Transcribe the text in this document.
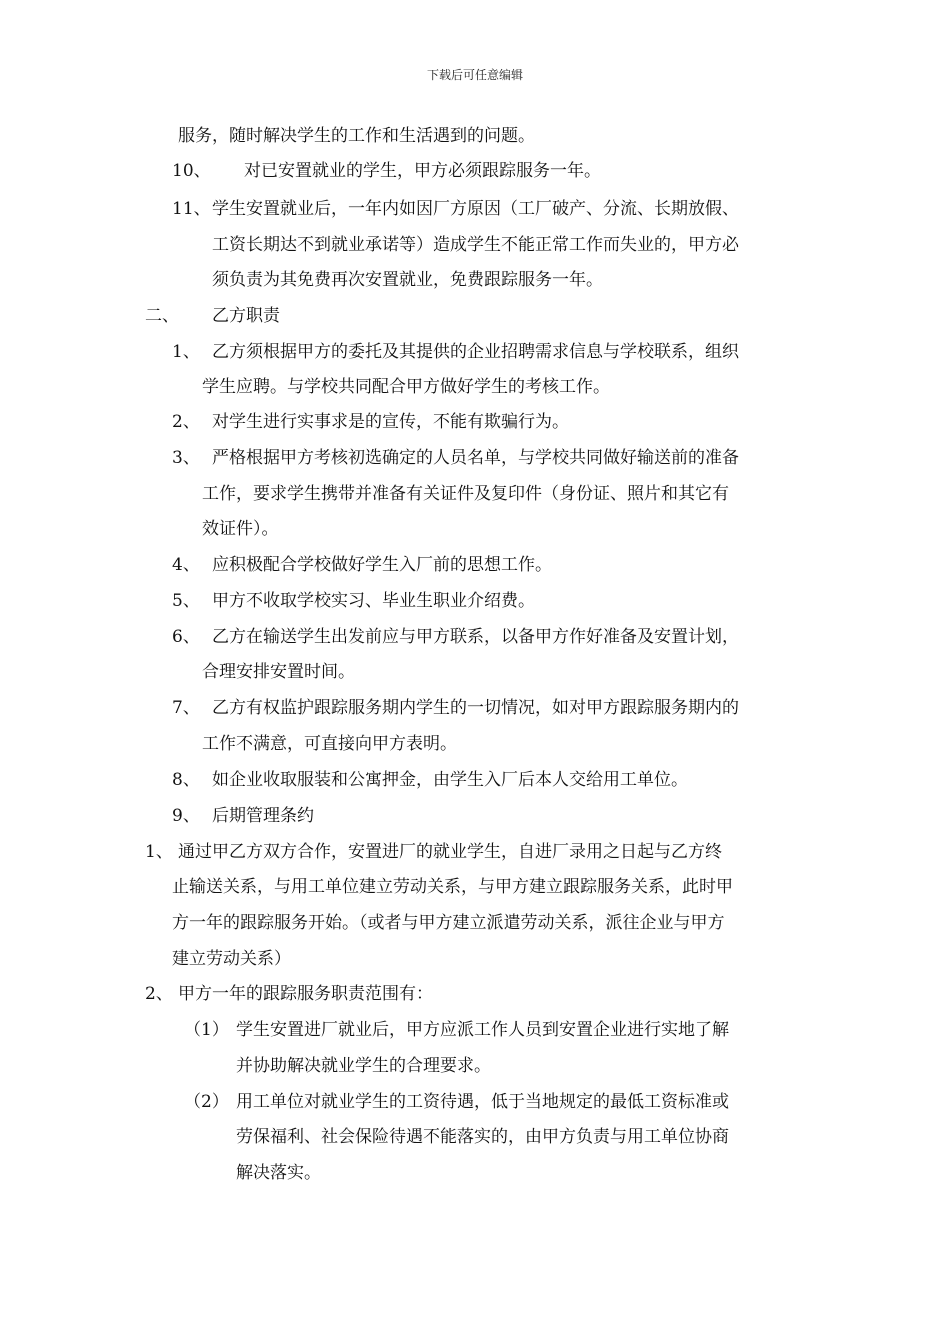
下载后可任意编辑
服务，随时解决学生的工作和生活遇到的问题。
10、 对已安置就业的学生，甲方必须跟踪服务一年。
11、 学生安置就业后，一年内如因厂方原因（工厂破产、分流、长期放假、
工资长期达不到就业承诺等）造成学生不能正常工作而失业的，甲方必
须负责为其免费再次安置就业，免费跟踪服务一年。
二、 乙方职责
1、 乙方须根据甲方的委托及其提供的企业招聘需求信息与学校联系，组织
学生应聘。与学校共同配合甲方做好学生的考核工作。
2、 对学生进行实事求是的宣传，不能有欺骗行为。
3、 严格根据甲方考核初选确定的人员名单，与学校共同做好输送前的准备
工作，要求学生携带并准备有关证件及复印件（身份证、照片和其它有
效证件）。
4、 应积极配合学校做好学生入厂前的思想工作。
5、 甲方不收取学校实习、毕业生职业介绍费。
6、 乙方在输送学生出发前应与甲方联系，以备甲方作好准备及安置计划，
合理安排安置时间。
7、 乙方有权监护跟踪服务期内学生的一切情况，如对甲方跟踪服务期内的
工作不满意，可直接向甲方表明。
8、 如企业收取服装和公寓押金，由学生入厂后本人交给用工单位。
9、 后期管理条约
1、 通过甲乙方双方合作，安置进厂的就业学生，自进厂录用之日起与乙方终
止输送关系，与用工单位建立劳动关系，与甲方建立跟踪服务关系，此时甲
方一年的跟踪服务开始。（或者与甲方建立派遣劳动关系，派往企业与甲方
建立劳动关系）
2、 甲方一年的跟踪服务职责范围有：
（1） 学生安置进厂就业后，甲方应派工作人员到安置企业进行实地了解
并协助解决就业学生的合理要求。
（2） 用工单位对就业学生的工资待遇，低于当地规定的最低工资标准或
劳保福利、社会保险待遇不能落实的，由甲方负责与用工单位协商
解决落实。
